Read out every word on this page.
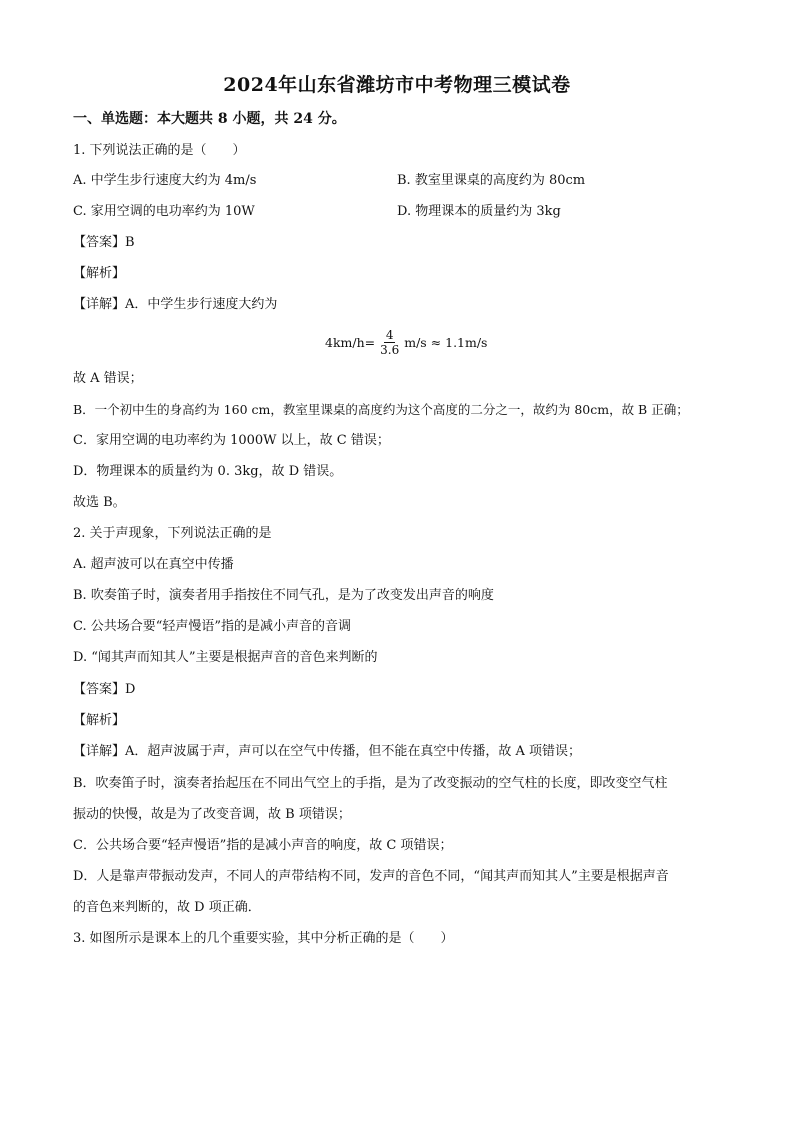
2024年山东省潍坊市中考物理三模试卷
一、单选题：本大题共 8 小题，共 24 分。
1. 下列说法正确的是（　　）
A. 中学生步行速度大约为 4m/s	B. 教室里课桌的高度约为 80cm
C. 家用空调的电功率约为 10W	D. 物理课本的质量约为 3kg
【答案】B
【解析】
【详解】A．中学生步行速度大约为
$4km/h= \frac{4}{3.6} m/s \approx 1.1m/s$
故 A 错误；
B．一个初中生的身高约为 160 cm，教室里课桌的高度约为这个高度的二分之一，故约为 80cm，故 B 正确；
C．家用空调的电功率约为 1000W 以上，故 C 错误；
D．物理课本的质量约为 0. 3kg，故 D 错误。
故选 B。
2. 关于声现象，下列说法正确的是
A. 超声波可以在真空中传播
B. 吹奏笛子时，演奏者用手指按住不同气孔，是为了改变发出声音的响度
C. 公共场合要“轻声慢语”指的是减小声音的音调
D. “闻其声而知其人”主要是根据声音的音色来判断的
【答案】D
【解析】
【详解】A．超声波属于声，声可以在空气中传播，但不能在真空中传播，故 A 项错误；
B．吹奏笛子时，演奏者抬起压在不同出气空上的手指，是为了改变振动的空气柱的长度，即改变空气柱
振动的快慢，故是为了改变音调，故 B 项错误；
C．公共场合要“轻声慢语”指的是减小声音的响度，故 C 项错误；
D．人是靠声带振动发声，不同人的声带结构不同，发声的音色不同，“闻其声而知其人”主要是根据声音
的音色来判断的，故 D 项正确．
3. 如图所示是课本上的几个重要实验，其中分析正确的是（　　）
